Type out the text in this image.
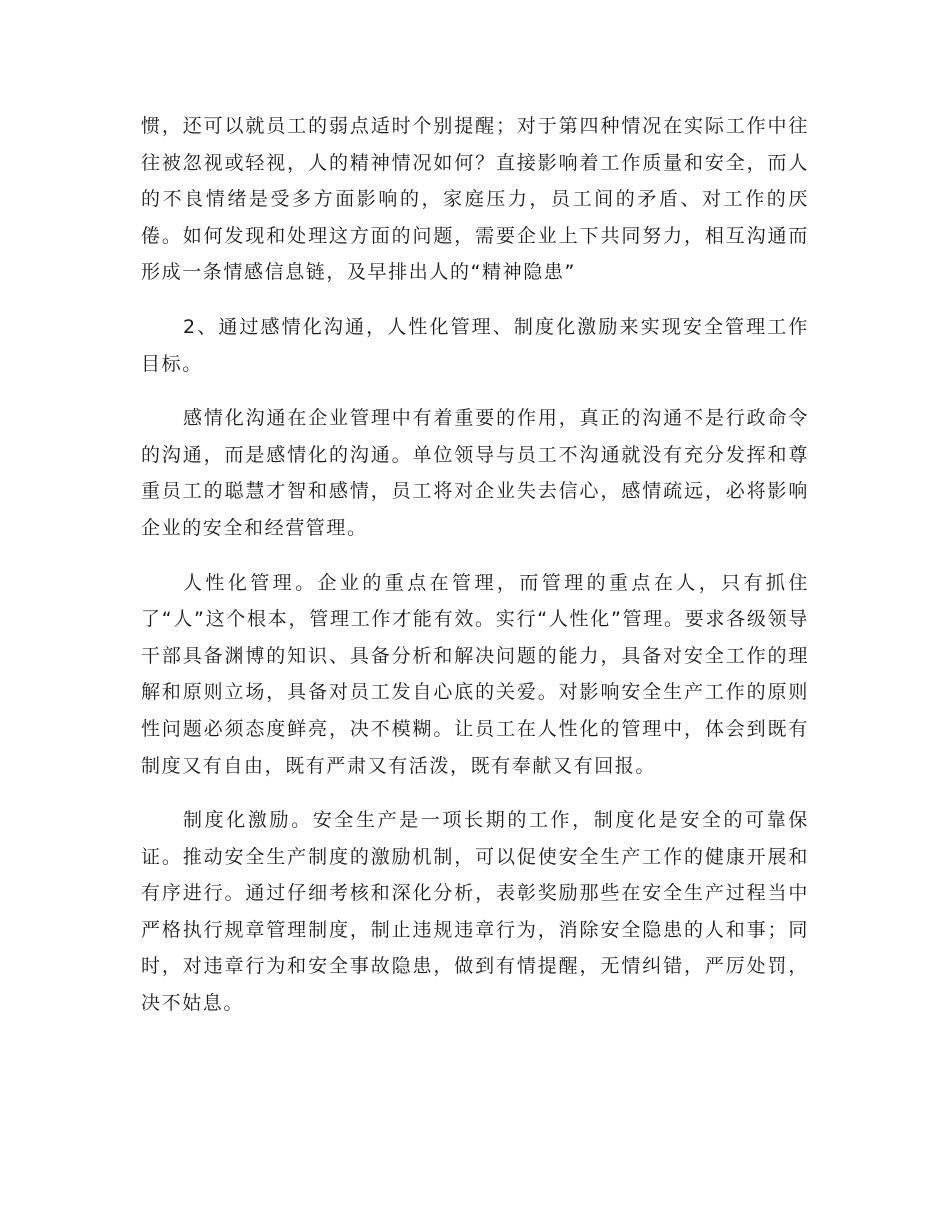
惯，还可以就员工的弱点适时个别提醒；对于第四种情况在实际工作中往往被忽视或轻视，人的精神情况如何？直接影响着工作质量和安全，而人的不良情绪是受多方面影响的，家庭压力，员工间的矛盾、对工作的厌倦。如何发现和处理这方面的问题，需要企业上下共同努力，相互沟通而形成一条情感信息链，及早排出人的“精神隐患”

2、通过感情化沟通，人性化管理、制度化激励来实现安全管理工作目标。

感情化沟通在企业管理中有着重要的作用，真正的沟通不是行政命令的沟通，而是感情化的沟通。单位领导与员工不沟通就没有充分发挥和尊重员工的聪慧才智和感情，员工将对企业失去信心，感情疏远，必将影响企业的安全和经营管理。

人性化管理。企业的重点在管理，而管理的重点在人，只有抓住了“人”这个根本，管理工作才能有效。实行“人性化”管理。要求各级领导干部具备渊博的知识、具备分析和解决问题的能力，具备对安全工作的理解和原则立场，具备对员工发自心底的关爱。对影响安全生产工作的原则性问题必须态度鲜亮，决不模糊。让员工在人性化的管理中，体会到既有制度又有自由，既有严肃又有活泼，既有奉献又有回报。

制度化激励。安全生产是一项长期的工作，制度化是安全的可靠保证。推动安全生产制度的激励机制，可以促使安全生产工作的健康开展和有序进行。通过仔细考核和深化分析，表彰奖励那些在安全生产过程当中严格执行规章管理制度，制止违规违章行为，消除安全隐患的人和事；同时，对违章行为和安全事故隐患，做到有情提醒，无情纠错，严厉处罚，决不姑息。
